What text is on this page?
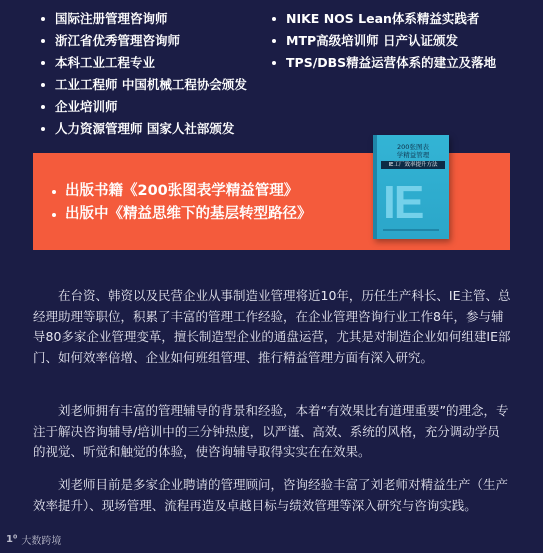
国际注册管理咨询师
浙江省优秀管理咨询师
本科工业工程专业
工业工程师 中国机械工程协会颁发
企业培训师
人力资源管理师 国家人社部颁发
NIKE NOS Lean体系精益实践者
MTP高级培训师 日产认证颁发
TPS/DBS精益运营体系的建立及落地
出版书籍《200张图表学精益管理》
出版中《精益思维下的基层转型路径》
200张图表
学精益管理
IE工厂效率提升方法
IE

在台资、韩资以及民营企业从事制造业管理将近10年，历任生产科长、IE主管、总经理助理等职位，积累了丰富的管理工作经验，在企业管理咨询行业工作8年，参与辅导80多家企业管理变革，擅长制造型企业的通盘运营，尤其是对制造企业如何组建IE部门、如何效率倍增、企业如何班组管理、推行精益管理方面有深入研究。

刘老师拥有丰富的管理辅导的背景和经验，本着“有效果比有道理重要”的理念，专注于解决咨询辅导/培训中的三分钟热度，以严谨、高效、系统的风格，充分调动学员的视觉、听觉和触觉的体验，使咨询辅导取得实实在在效果。

刘老师目前是多家企业聘请的管理顾问，咨询经验丰富了刘老师对精益生产（生产效率提升）、现场管理、流程再造及卓越目标与绩效管理等深入研究与咨询实践。

1⁰ 大数跨境
